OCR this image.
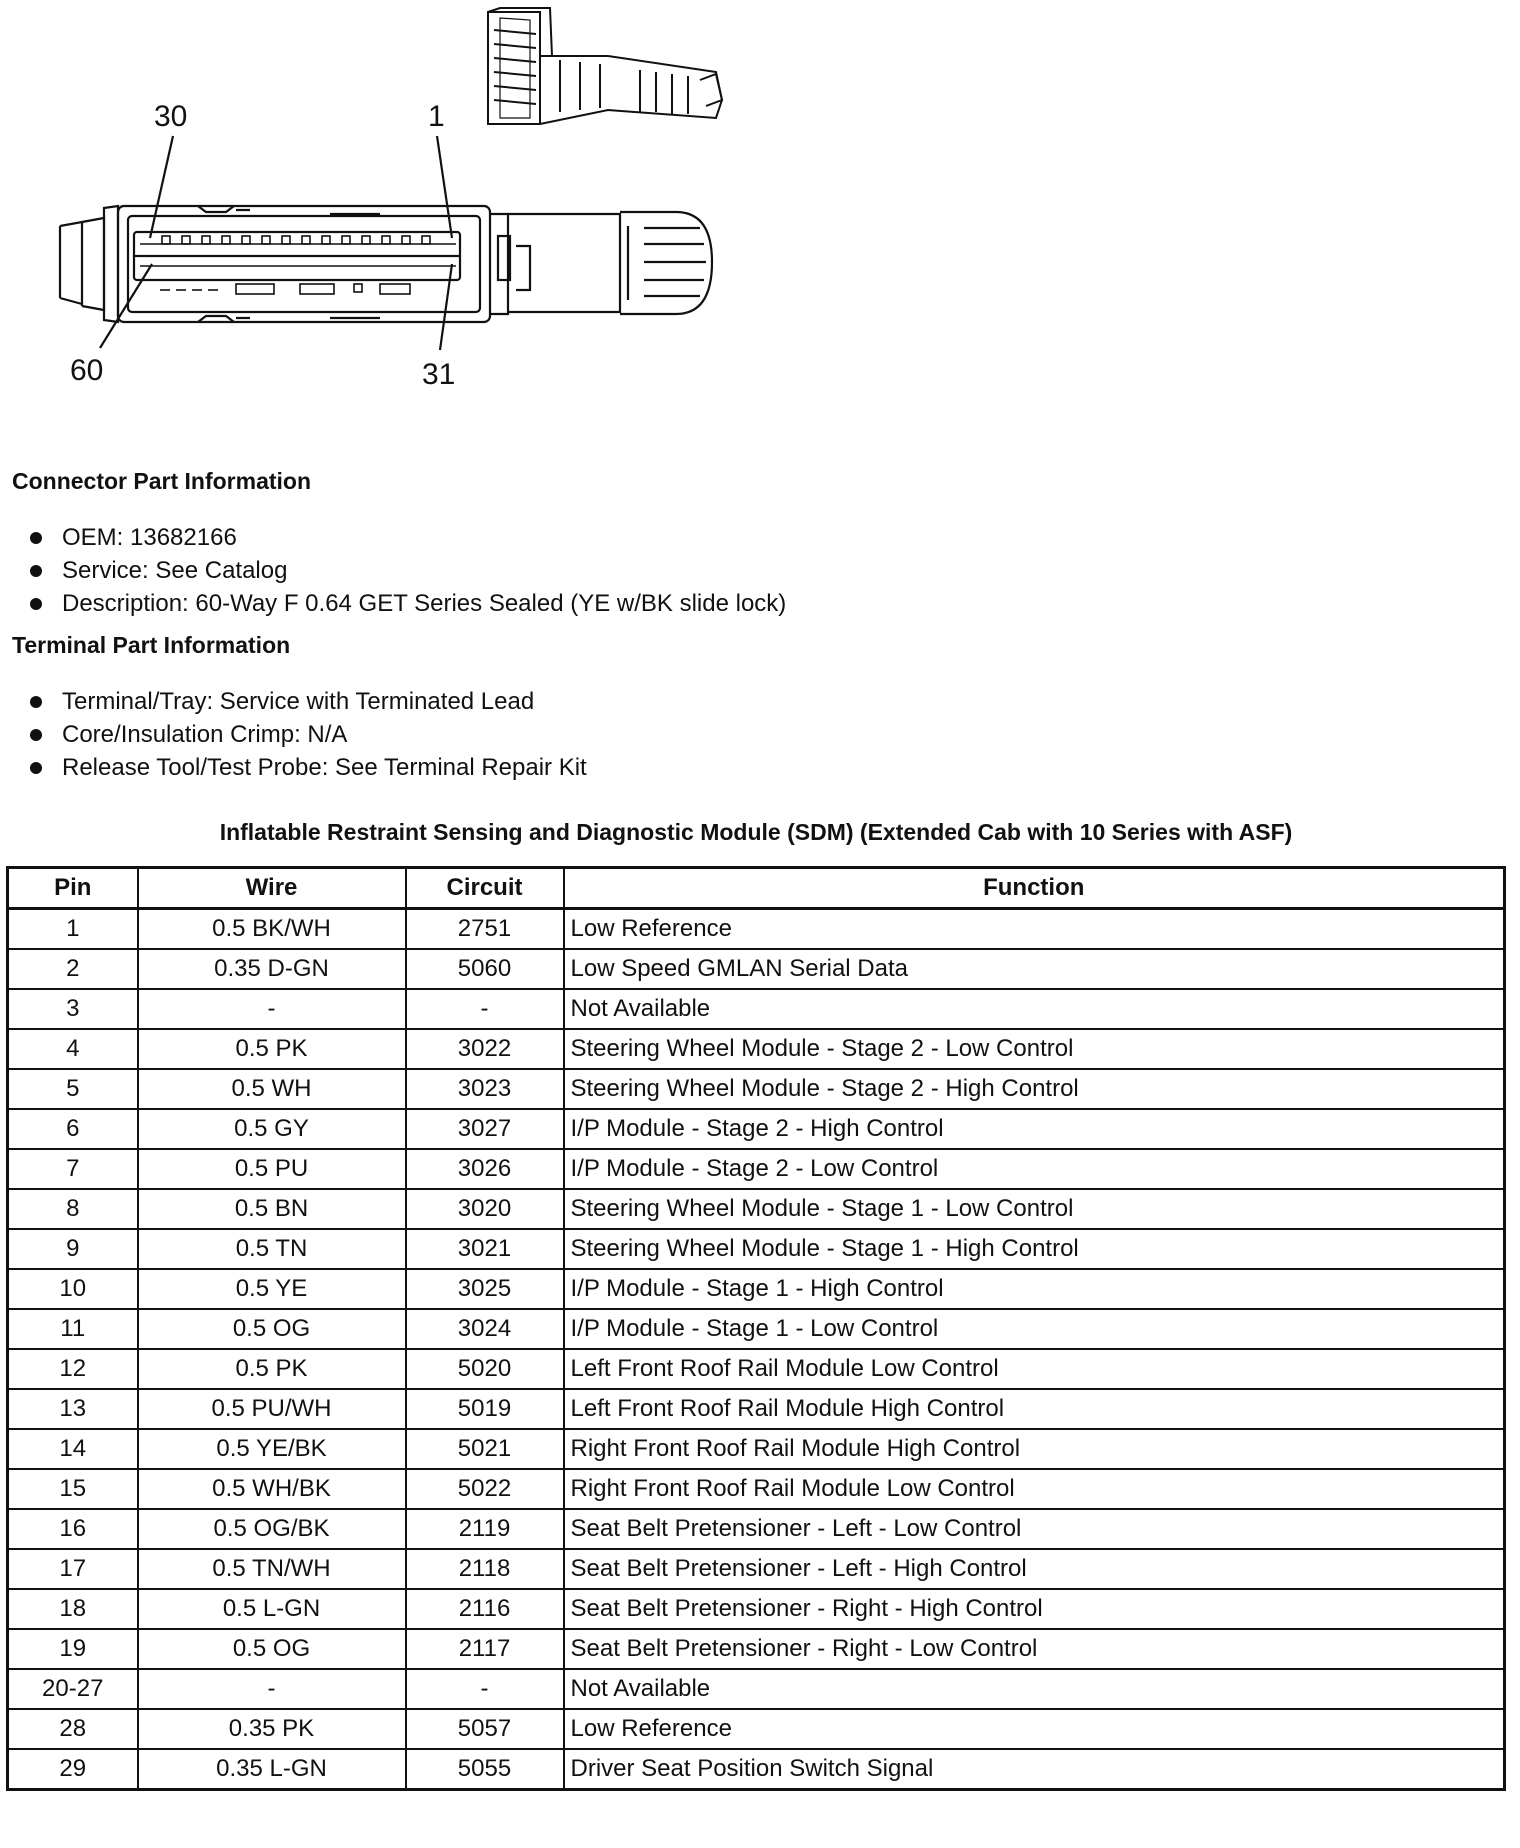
30	1
60	31
Connector Part Information
OEM: 13682166
Service: See Catalog
Description: 60-Way F 0.64 GET Series Sealed (YE w/BK slide lock)
Terminal Part Information
Terminal/Tray: Service with Terminated Lead
Core/Insulation Crimp: N/A
Release Tool/Test Probe: See Terminal Repair Kit
Inflatable Restraint Sensing and Diagnostic Module (SDM) (Extended Cab with 10 Series with ASF)
Pin	Wire	Circuit	Function
1	0.5 BK/WH	2751	Low Reference
2	0.35 D-GN	5060	Low Speed GMLAN Serial Data
3	-	-	Not Available
4	0.5 PK	3022	Steering Wheel Module - Stage 2 - Low Control
5	0.5 WH	3023	Steering Wheel Module - Stage 2 - High Control
6	0.5 GY	3027	I/P Module - Stage 2 - High Control
7	0.5 PU	3026	I/P Module - Stage 2 - Low Control
8	0.5 BN	3020	Steering Wheel Module - Stage 1 - Low Control
9	0.5 TN	3021	Steering Wheel Module - Stage 1 - High Control
10	0.5 YE	3025	I/P Module - Stage 1 - High Control
11	0.5 OG	3024	I/P Module - Stage 1 - Low Control
12	0.5 PK	5020	Left Front Roof Rail Module Low Control
13	0.5 PU/WH	5019	Left Front Roof Rail Module High Control
14	0.5 YE/BK	5021	Right Front Roof Rail Module High Control
15	0.5 WH/BK	5022	Right Front Roof Rail Module Low Control
16	0.5 OG/BK	2119	Seat Belt Pretensioner - Left - Low Control
17	0.5 TN/WH	2118	Seat Belt Pretensioner - Left - High Control
18	0.5 L-GN	2116	Seat Belt Pretensioner - Right - High Control
19	0.5 OG	2117	Seat Belt Pretensioner - Right - Low Control
20-27	-	-	Not Available
28	0.35 PK	5057	Low Reference
29	0.35 L-GN	5055	Driver Seat Position Switch Signal
